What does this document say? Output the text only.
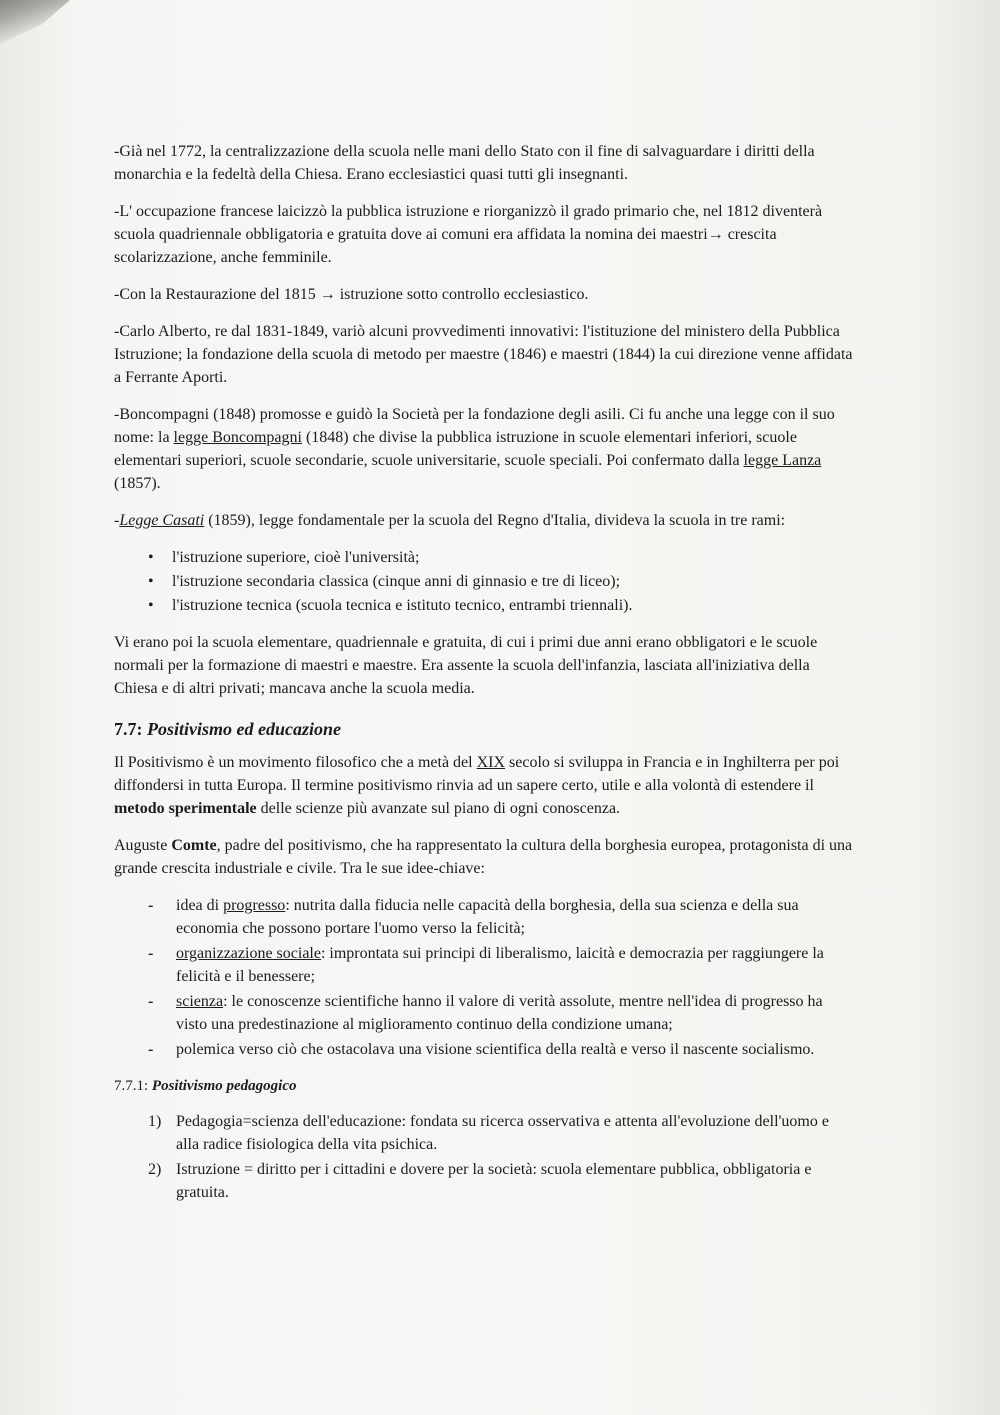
-Già nel 1772, la centralizzazione della scuola nelle mani dello Stato con il fine di salvaguardare i diritti della monarchia e la fedeltà della Chiesa. Erano ecclesiastici quasi tutti gli insegnanti.

-L' occupazione francese laicizzò la pubblica istruzione e riorganizzò il grado primario che, nel 1812 diventerà scuola quadriennale obbligatoria e gratuita dove ai comuni era affidata la nomina dei maestri→ crescita scolarizzazione, anche femminile.

-Con la Restaurazione del 1815 → istruzione sotto controllo ecclesiastico.

-Carlo Alberto, re dal 1831-1849, variò alcuni provvedimenti innovativi: l'istituzione del ministero della Pubblica Istruzione; la fondazione della scuola di metodo per maestre (1846) e maestri (1844) la cui direzione venne affidata a Ferrante Aporti.

-Boncompagni (1848) promosse e guidò la Società per la fondazione degli asili. Ci fu anche una legge con il suo nome: la legge Boncompagni (1848) che divise la pubblica istruzione in scuole elementari inferiori, scuole elementari superiori, scuole secondarie, scuole universitarie, scuole speciali. Poi confermato dalla legge Lanza (1857).

-Legge Casati (1859), legge fondamentale per la scuola del Regno d'Italia, divideva la scuola in tre rami:

• l'istruzione superiore, cioè l'università;
• l'istruzione secondaria classica (cinque anni di ginnasio e tre di liceo);
• l'istruzione tecnica (scuola tecnica e istituto tecnico, entrambi triennali).

Vi erano poi la scuola elementare, quadriennale e gratuita, di cui i primi due anni erano obbligatori e le scuole normali per la formazione di maestri e maestre. Era assente la scuola dell'infanzia, lasciata all'iniziativa della Chiesa e di altri privati; mancava anche la scuola media.

7.7: Positivismo ed educazione

Il Positivismo è un movimento filosofico che a metà del XIX secolo si sviluppa in Francia e in Inghilterra per poi diffondersi in tutta Europa. Il termine positivismo rinvia ad un sapere certo, utile e alla volontà di estendere il metodo sperimentale delle scienze più avanzate sul piano di ogni conoscenza.

Auguste Comte, padre del positivismo, che ha rappresentato la cultura della borghesia europea, protagonista di una grande crescita industriale e civile. Tra le sue idee-chiave:

- idea di progresso: nutrita dalla fiducia nelle capacità della borghesia, della sua scienza e della sua economia che possono portare l'uomo verso la felicità;
- organizzazione sociale: improntata sui principi di liberalismo, laicità e democrazia per raggiungere la felicità e il benessere;
- scienza: le conoscenze scientifiche hanno il valore di verità assolute, mentre nell'idea di progresso ha visto una predestinazione al miglioramento continuo della condizione umana;
- polemica verso ciò che ostacolava una visione scientifica della realtà e verso il nascente socialismo.
7.7.1: Positivismo pedagogico
1) Pedagogia=scienza dell'educazione: fondata su ricerca osservativa e attenta all'evoluzione dell'uomo e alla radice fisiologica della vita psichica.
2) Istruzione = diritto per i cittadini e dovere per la società: scuola elementare pubblica, obbligatoria e gratuita.
